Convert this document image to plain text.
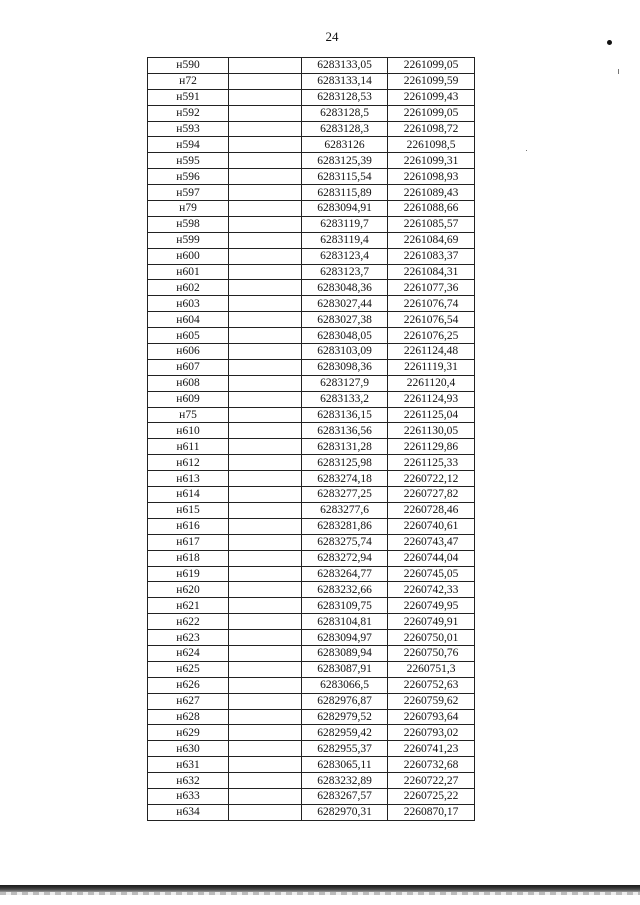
24
н590		6283133,05	2261099,05
н72		6283133,14	2261099,59
н591		6283128,53	2261099,43
н592		6283128,5	2261099,05
н593		6283128,3	2261098,72
н594		6283126	2261098,5
н595		6283125,39	2261099,31
н596		6283115,54	2261098,93
н597		6283115,89	2261089,43
н79		6283094,91	2261088,66
н598		6283119,7	2261085,57
н599		6283119,4	2261084,69
н600		6283123,4	2261083,37
н601		6283123,7	2261084,31
н602		6283048,36	2261077,36
н603		6283027,44	2261076,74
н604		6283027,38	2261076,54
н605		6283048,05	2261076,25
н606		6283103,09	2261124,48
н607		6283098,36	2261119,31
н608		6283127,9	2261120,4
н609		6283133,2	2261124,93
н75		6283136,15	2261125,04
н610		6283136,56	2261130,05
н611		6283131,28	2261129,86
н612		6283125,98	2261125,33
н613		6283274,18	2260722,12
н614		6283277,25	2260727,82
н615		6283277,6	2260728,46
н616		6283281,86	2260740,61
н617		6283275,74	2260743,47
н618		6283272,94	2260744,04
н619		6283264,77	2260745,05
н620		6283232,66	2260742,33
н621		6283109,75	2260749,95
н622		6283104,81	2260749,91
н623		6283094,97	2260750,01
н624		6283089,94	2260750,76
н625		6283087,91	2260751,3
н626		6283066,5	2260752,63
н627		6282976,87	2260759,62
н628		6282979,52	2260793,64
н629		6282959,42	2260793,02
н630		6282955,37	2260741,23
н631		6283065,11	2260732,68
н632		6283232,89	2260722,27
н633		6283267,57	2260725,22
н634		6282970,31	2260870,17
